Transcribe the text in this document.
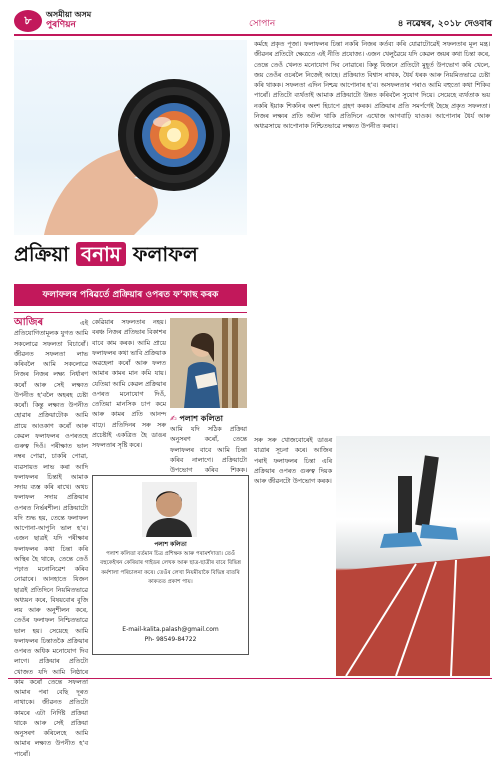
৮	অসমীয়া অসম
পুৰণিয়ন	সোপান	৪ নৱেম্বৰ, ২০১৮ দেওবাৰ
প্ৰক্ৰিয়া বনাম ফলাফল
ফলাফলৰ পৰিৱৰ্তে প্ৰক্ৰিয়াৰ ওপৰত ফ’কাছ কৰক

আজিৰ	এই প্ৰতিযোগিতামূলক যুগত আমি সকলোৱে সফলতা বিচাৰোঁ। জীৱনত সফলতা লাভ কৰিবলৈ আমি সকলোৱে নিজৰ নিজৰ লক্ষ্য নিৰ্ধাৰণ কৰোঁ আৰু সেই লক্ষ্যত উপনীত হ’বলৈ অহৰহ চেষ্টা কৰোঁ। কিন্তু লক্ষ্যত উপনীত হোৱাৰ প্ৰক্ৰিয়াটোক আমি প্ৰায়ে আওকাণ কৰোঁ আৰু কেৱল ফলাফলৰ ওপৰতহে গুৰুত্ব দিওঁ। পৰীক্ষাত ভাল নম্বৰ পোৱা, চাকৰি পোৱা, ব্যৱসায়ত লাভ কৰা আদি ফলাফলৰ চিন্তাই আমাক সদায় ব্যস্ত কৰি ৰাখে। অথচ ফলাফল সদায় প্ৰক্ৰিয়াৰ ওপৰত নিৰ্ভৰশীল। প্ৰক্ৰিয়াটো যদি শুদ্ধ হয়, তেন্তে ফলাফল আপোনা-আপুনি ভাল হ’ব। এজন ছাত্ৰই যদি পৰীক্ষাৰ ফলাফলৰ কথা চিন্তা কৰি অস্থিৰ হৈ থাকে, তেন্তে তেওঁ পঢ়াত মনোনিৱেশ কৰিব নোৱাৰে। আনহাতে যিজন ছাত্ৰই প্ৰতিদিনে নিয়মিতভাৱে অধ্যয়ন কৰে, বিষয়বোৰ বুজি লয় আৰু অনুশীলন কৰে, তেওঁৰ ফলাফল নিশ্চিতভাৱে ভাল হয়। সেয়েহে আমি ফলাফলৰ চিন্তাতকৈ প্ৰক্ৰিয়াৰ ওপৰত অধিক মনোযোগ দিব লাগে। প্ৰক্ৰিয়াৰ প্ৰতিটো খোজত যদি আমি নিষ্ঠাৰে কাম কৰোঁ তেন্তে সফলতা আমাৰ পৰা বেছি দূৰত নাথাকে। জীৱনত প্ৰতিটো কামৰে এটা নিৰ্দিষ্ট প্ৰক্ৰিয়া থাকে আৰু সেই প্ৰক্ৰিয়া অনুসৰণ কৰিলেহে আমি আমাৰ লক্ষ্যত উপনীত হ’ব পাৰোঁ।

কেৱিয়াৰ সফলতাৰ নহয়। বৰঞ্চ নিজৰ প্ৰতিভাৰ বিকাশৰ বাবে কাম কৰক। আমি প্ৰায়ে ফলাফলৰ কথা ভাবি প্ৰক্ৰিয়াক অৱহেলা কৰোঁ আৰু ফলত আমাৰ কামৰ মান কমি যায়। যেতিয়া আমি কেৱল প্ৰক্ৰিয়াৰ ওপৰত মনোযোগ দিওঁ, তেতিয়া মানসিক চাপ কমে আৰু কামৰ প্ৰতি আনন্দ বাঢ়ে। প্ৰতিদিনৰ সৰু সৰু প্ৰচেষ্টাই একত্ৰিত হৈ ডাঙৰ সফলতাৰ সৃষ্টি কৰে।

✍ পলাশ কলিতা

আমি যদি সঠিক প্ৰক্ৰিয়া অনুসৰণ কৰোঁ, তেন্তে ফলাফলৰ বাবে আমি চিন্তা কৰিব নালাগে। প্ৰক্ৰিয়াটো উপভোগ কৰিব শিকক।

পলাশ কলিতা
পলাশ কলিতা বৰ্তমান চিত্ৰ প্ৰশিক্ষক আৰু পৰামৰ্শদাতা। তেওঁ বহুকেইখন কেৰিয়াৰ গাইডৰ লেখক আৰু ছাত্ৰ-ছাত্ৰীৰ বাবে বিভিন্ন কৰ্মশালা পৰিচালনা কৰে। তেওঁৰ লেখা নিয়মীয়াকৈ বিভিন্ন বাতৰি কাকতত প্ৰকাশ পায়।
E-mail-kalita.palash@gmail.com
Ph- 98549-84722

কৰ্মহে প্ৰকৃত পূজা। ফলাফলৰ চিন্তা নকৰি নিজৰ কৰ্তব্য কৰি যোৱাটোৱেই সফলতাৰ মূল মন্ত্ৰ। জীৱনৰ প্ৰতিটো ক্ষেত্ৰতে এই নীতি প্ৰযোজ্য। এজন খেলুৱৈয়ে যদি কেৱল জয়ৰ কথা চিন্তা কৰে, তেন্তে তেওঁ খেলত মনোযোগ দিব নোৱাৰে। কিন্তু যিজনে প্ৰতিটো মুহূৰ্ত উপভোগ কৰি খেলে, জয় তেওঁৰ ওচৰলৈ নিজেই আহে। প্ৰক্ৰিয়াত বিশ্বাস ৰাখক, ধৈৰ্য ধৰক আৰু নিয়মিতভাৱে চেষ্টা কৰি থাকক। সফলতা এদিন নিশ্চয় আপোনাৰ হ’ব। অসফলতাৰ পৰাও আমি বহুতো কথা শিকিব পাৰোঁ। প্ৰতিটো ব্যৰ্থতাই আমাক প্ৰক্ৰিয়াটো উন্নত কৰিবলৈ সুযোগ দিয়ে। সেয়েহে ব্যৰ্থতাক ভয় নকৰি ইয়াক শিকনিৰ অংশ হিচাপে গ্ৰহণ কৰক। প্ৰক্ৰিয়াৰ প্ৰতি সমৰ্পণেই হৈছে প্ৰকৃত সফলতা। নিজৰ লক্ষ্যৰ প্ৰতি অটল থাকি প্ৰতিদিনে এখোজ আগবাঢ়ি যাওক। আপোনাৰ ধৈৰ্য আৰু অধ্যৱসায়ে আপোনাক নিশ্চিতভাৱে লক্ষ্যত উপনীত কৰাব।

সৰু সৰু খোজবোৰেই ডাঙৰ যাত্ৰাৰ সূচনা কৰে। আজিৰ পৰাই ফলাফলৰ চিন্তা এৰি প্ৰক্ৰিয়াৰ ওপৰত গুৰুত্ব দিয়ক আৰু জীৱনটো উপভোগ কৰক।
